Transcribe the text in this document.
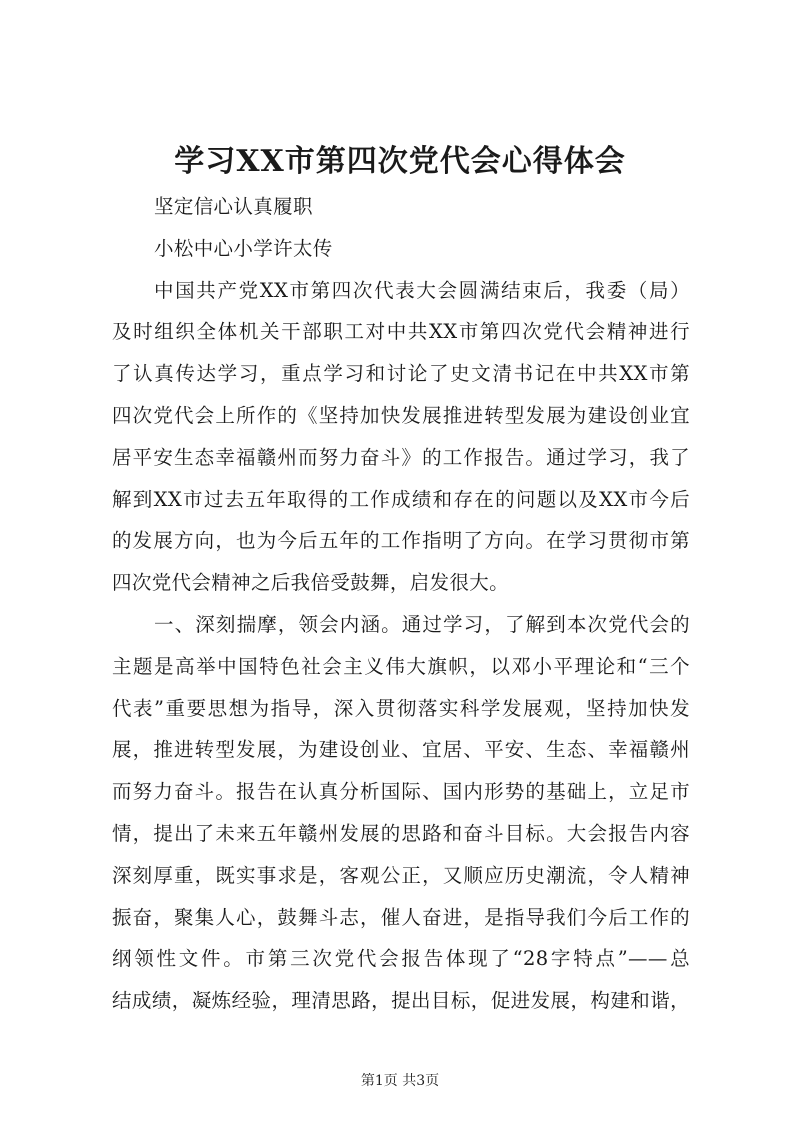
学习XX市第四次党代会心得体会
坚定信心认真履职
小松中心小学许太传
中国共产党XX市第四次代表大会圆满结束后，我委（局）
及时组织全体机关干部职工对中共XX市第四次党代会精神进行
了认真传达学习，重点学习和讨论了史文清书记在中共XX市第
四次党代会上所作的《坚持加快发展推进转型发展为建设创业宜
居平安生态幸福赣州而努力奋斗》的工作报告。通过学习，我了
解到XX市过去五年取得的工作成绩和存在的问题以及XX市今后
的发展方向，也为今后五年的工作指明了方向。在学习贯彻市第
四次党代会精神之后我倍受鼓舞，启发很大。
一、深刻揣摩，领会内涵。通过学习，了解到本次党代会的
主题是高举中国特色社会主义伟大旗帜，以邓小平理论和“三个
代表”重要思想为指导，深入贯彻落实科学发展观，坚持加快发
展，推进转型发展，为建设创业、宜居、平安、生态、幸福赣州
而努力奋斗。报告在认真分析国际、国内形势的基础上，立足市
情，提出了未来五年赣州发展的思路和奋斗目标。大会报告内容
深刻厚重，既实事求是，客观公正，又顺应历史潮流，令人精神
振奋，聚集人心，鼓舞斗志，催人奋进，是指导我们今后工作的
纲领性文件。市第三次党代会报告体现了“28字特点”——总
结成绩，凝炼经验，理清思路，提出目标，促进发展，构建和谐，
第1页 共3页
